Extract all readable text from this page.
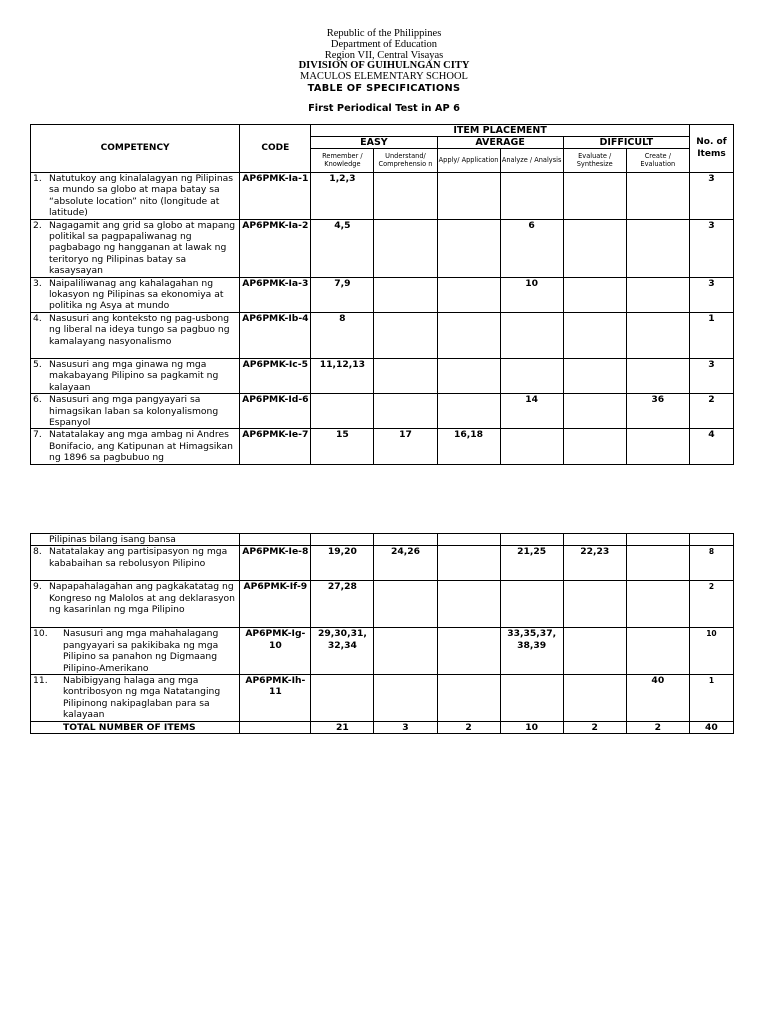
Republic of the Philippines
Department of Education
Region VII, Central Visayas
DIVISION OF GUIHULNGAN CITY
MACULOS ELEMENTARY SCHOOL
TABLE OF SPECIFICATIONS
First Periodical Test in AP 6
COMPETENCY	CODE	ITEM PLACEMENT						No. of Items
		EASY		AVERAGE		DIFFICULT		
		Remember / Knowledge	Understand/ Comprehensio n	Apply/ Application	Analyze / Analysis	Evaluate / Synthesize	Create / Evaluation	

1. Natutukoy ang kinalalagyan ng Pilipinas sa mundo sa globo at mapa batay sa “absolute location” nito (longitude at latitude)	AP6PMK-Ia-1	1,2,3						3

2. Nagagamit ang grid sa globo at mapang politikal sa pagpapaliwanag ng pagbabago ng hangganan at lawak ng teritoryo ng Pilipinas batay sa kasaysayan	AP6PMK-Ia-2	4,5			6			3

3. Naipaliliwanag ang kahalagahan ng lokasyon ng Pilipinas sa ekonomiya at politika ng Asya at mundo	AP6PMK-Ia-3	7,9			10			3

4. Nasusuri ang konteksto ng pag-usbong ng liberal na ideya tungo sa pagbuo ng kamalayang nasyonalismo	AP6PMK-Ib-4	8						1

5. Nasusuri ang mga ginawa ng mga makabayang Pilipino sa pagkamit ng kalayaan	AP6PMK-Ic-5	11,12,13						3

6. Nasusuri ang mga pangyayari sa himagsikan laban sa kolonyalismong Espanyol	AP6PMK-Id-6				14		36	2

7. Natatalakay ang mga ambag ni Andres Bonifacio, ang Katipunan at Himagsikan ng 1896 sa pagbubuo ng	AP6PMK-Ie-7	15	17	16,18				4
Pilipinas bilang isang bansa								

8. Natatalakay ang partisipasyon ng mga kababaihan sa rebolusyon Pilipino	AP6PMK-Ie-8	19,20	24,26		21,25	22,23		8

9. Napapahalagahan ang pagkakatatag ng Kongreso ng Malolos at ang deklarasyon ng kasarinlan ng mga Pilipino	AP6PMK-If-9	27,28						2

10. Nasusuri ang mga mahahalagang pangyayari sa pakikibaka ng mga Pilipino sa panahon ng Digmaang Pilipino-Amerikano	AP6PMK-Ig-10	29,30,31, 32,34			33,35,37, 38,39			10

11. Nabibigyang halaga ang mga kontribosyon ng mga Natatanging Pilipinong nakipaglaban para sa kalayaan	AP6PMK-Ih-11						40	1
TOTAL NUMBER OF ITEMS		21	3	2	10	2	2	40
